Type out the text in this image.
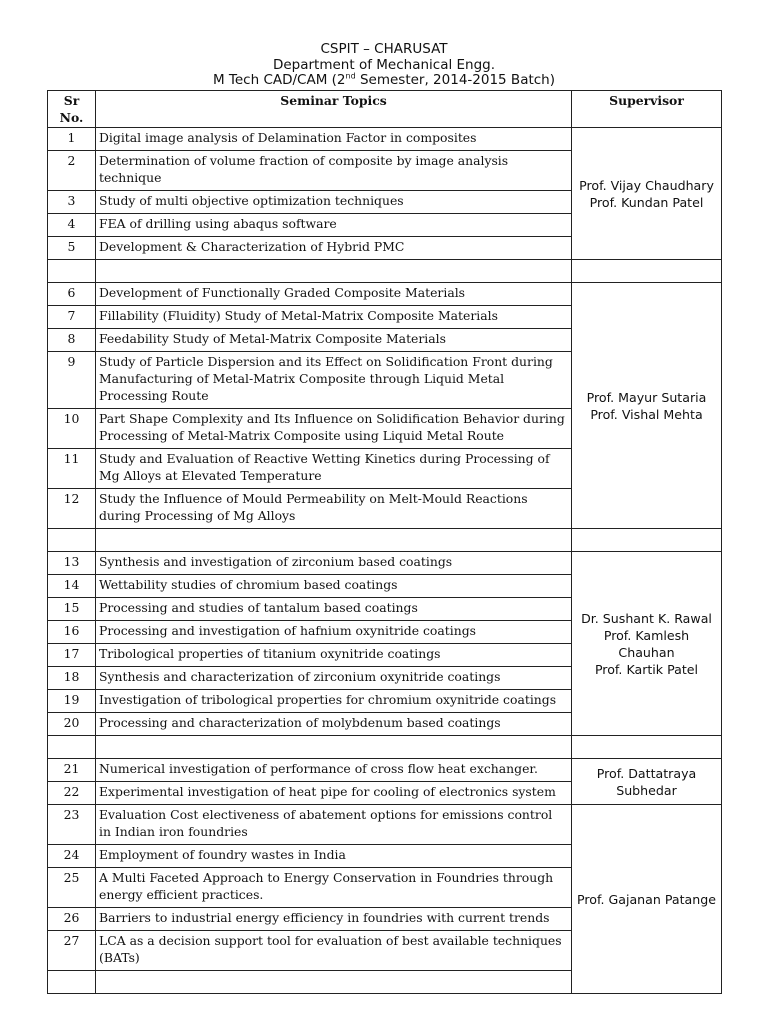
CSPIT – CHARUSAT
Department of Mechanical Engg.
M Tech CAD/CAM (2nd Semester, 2014-2015 Batch)
Sr No.	Seminar Topics	Supervisor
1	Digital image analysis of Delamination Factor in composites	Prof. Vijay Chaudhary
Prof. Kundan Patel

2	Determination of volume fraction of composite by image analysis technique	
3	Study of multi objective optimization techniques	
4	FEA of drilling using abaqus software	
5	Development & Characterization of Hybrid PMC	

6	Development of Functionally Graded Composite Materials	Prof. Mayur Sutaria
Prof. Vishal Mehta

7	Fillability (Fluidity) Study of Metal-Matrix Composite Materials	
8	Feedability Study of Metal-Matrix Composite Materials	
9	Study of Particle Dispersion and its Effect on Solidification Front during Manufacturing of Metal-Matrix Composite through Liquid Metal Processing Route	
10	Part Shape Complexity and Its Influence on Solidification Behavior during Processing of Metal-Matrix Composite using Liquid Metal Route	
11	Study and Evaluation of Reactive Wetting Kinetics during Processing of Mg Alloys at Elevated Temperature	
12	Study the Influence of Mould Permeability on Melt-Mould Reactions during Processing of Mg Alloys	

13	Synthesis and investigation of zirconium based coatings	Dr. Sushant K. Rawal
Prof. Kamlesh Chauhan
Prof. Kartik Patel

14	Wettability studies of chromium based coatings	
15	Processing and studies of tantalum based coatings	
16	Processing and investigation of hafnium oxynitride coatings	
17	Tribological properties of titanium oxynitride coatings	
18	Synthesis and characterization of zirconium oxynitride coatings	
19	Investigation of tribological properties for chromium oxynitride coatings	
20	Processing and characterization of molybdenum based coatings	

21	Numerical investigation of performance of cross flow heat exchanger.	Prof. Dattatraya Subhedar

22	Experimental investigation of heat pipe for cooling of electronics system	
23	Evaluation Cost electiveness of abatement options for emissions control in Indian iron foundries	Prof. Gajanan Patange

24	Employment of foundry wastes in India	
25	A Multi Faceted Approach to Energy Conservation in Foundries through energy efficient practices.	
26	Barriers to industrial energy efficiency in foundries with current trends	
27	LCA as a decision support tool for evaluation of best available techniques (BATs)	
